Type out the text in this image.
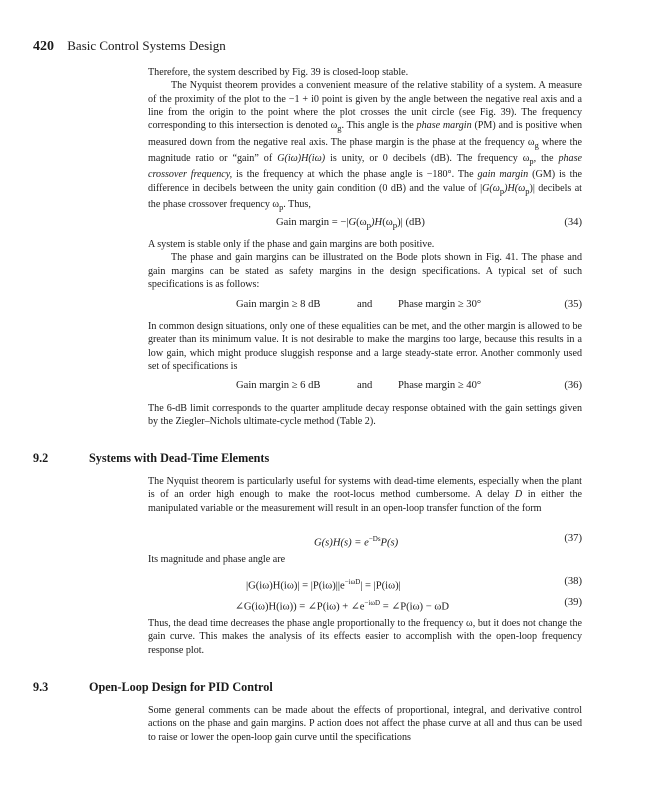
420 Basic Control Systems Design

Therefore, the system described by Fig. 39 is closed-loop stable.

The Nyquist theorem provides a convenient measure of the relative stability of a system. A measure of the proximity of the plot to the −1 + i0 point is given by the angle between the negative real axis and a line from the origin to the point where the plot crosses the unit circle (see Fig. 39). The frequency corresponding to this intersection is denoted $\omega_g$. This angle is the phase margin (PM) and is positive when measured down from the negative real axis. The phase margin is the phase at the frequency $\omega_g$ where the magnitude ratio or “gain” of G(iω)H(iω) is unity, or 0 decibels (dB). The frequency $\omega_p$, the phase crossover frequency, is the frequency at which the phase angle is −180°. The gain margin (GM) is the difference in decibels between the unity gain condition (0 dB) and the value of $|G(\omega_p)H(\omega_p)|$ decibels at the phase crossover frequency $\omega_p$. Thus,

Gain margin = $-|G(\omega_p)H(\omega_p)|$ (dB)	(34)

A system is stable only if the phase and gain margins are both positive.

The phase and gain margins can be illustrated on the Bode plots shown in Fig. 41. The phase and gain margins can be stated as safety margins in the design specifications. A typical set of such specifications is as follows:

Gain margin ≥ 8 dB	and Phase margin ≥ 30°	(35)

In common design situations, only one of these equalities can be met, and the other margin is allowed to be greater than its minimum value. It is not desirable to make the margins too large, because this results in a low gain, which might produce sluggish response and a large steady-state error. Another commonly used set of specifications is

Gain margin ≥ 6 dB	and Phase margin ≥ 40°	(36)

The 6-dB limit corresponds to the quarter amplitude decay response obtained with the gain settings given by the Ziegler–Nichols ultimate-cycle method (Table 2).

9.2	Systems with Dead-Time Elements

The Nyquist theorem is particularly useful for systems with dead-time elements, especially when the plant is of an order high enough to make the root-locus method cumbersome. A delay D in either the manipulated variable or the measurement will result in an open-loop transfer function of the form

$G(s)H(s) = e^{-Ds}P(s)$	(37)

Its magnitude and phase angle are

$|G(i\omega)H(i\omega)| = |P(i\omega)||e^{-i\omega D}| = |P(i\omega)|$	(38)
∠G(iω)H(iω)) = ∠P(iω) + $\angle e^{-i\omega D}$ = ∠P(iω) − ωD	(39)

Thus, the dead time decreases the phase angle proportionally to the frequency ω, but it does not change the gain curve. This makes the analysis of its effects easier to accomplish with the open-loop frequency response plot.

9.3	Open-Loop Design for PID Control

Some general comments can be made about the effects of proportional, integral, and derivative control actions on the phase and gain margins. P action does not affect the phase curve at all and thus can be used to raise or lower the open-loop gain curve until the specifications
